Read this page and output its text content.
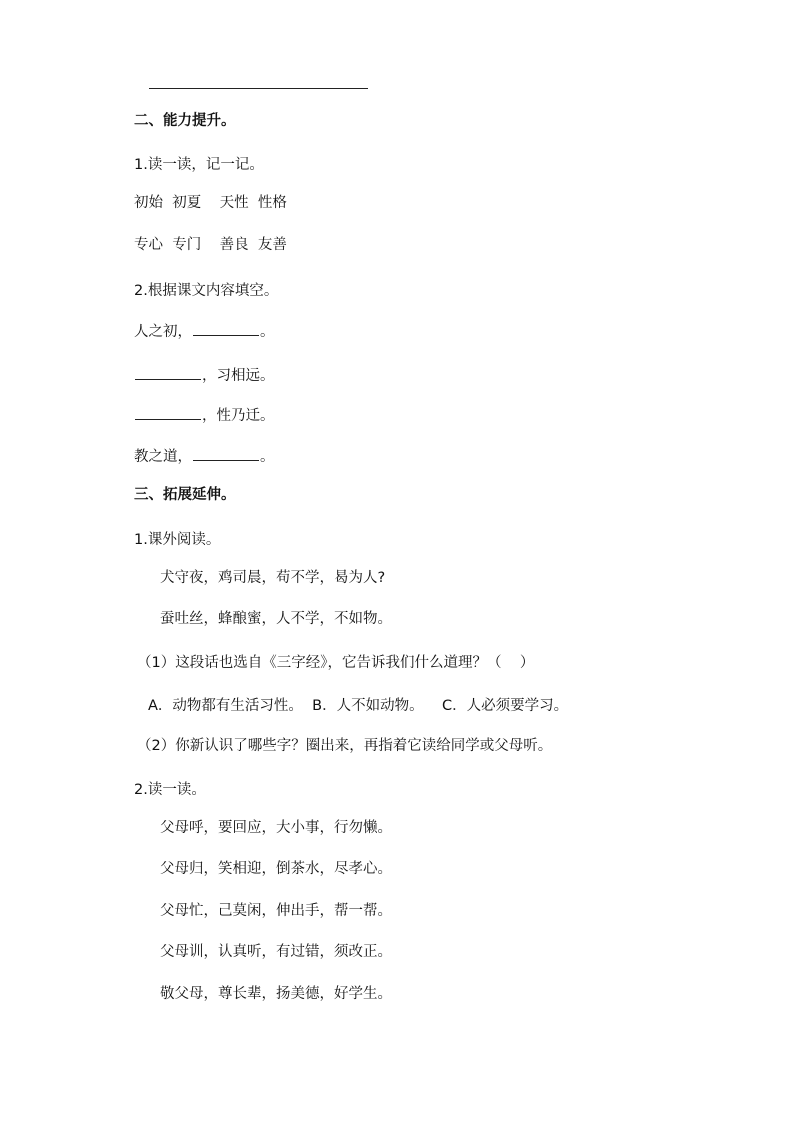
二、能力提升。
1.读一读，记一记。
初始  初夏    天性  性格
专心  专门    善良  友善
2.根据课文内容填空。
人之初，	。
，习相远。
，性乃迁。
教之道，	。
三、拓展延伸。
1.课外阅读。
犬守夜，鸡司晨，苟不学，曷为人?
蚕吐丝，蜂酿蜜，人不学，不如物。
（1）这段话也选自《三字经》，它告诉我们什么道理？（    ）
A．动物都有生活习性。  B．人不如动物。    C．人必须要学习。
（2）你新认识了哪些字？圈出来，再指着它读给同学或父母听。
2.读一读。
父母呼，要回应，大小事，行勿懒。
父母归，笑相迎，倒茶水，尽孝心。
父母忙，己莫闲，伸出手，帮一帮。
父母训，认真听，有过错，须改正。
敬父母，尊长辈，扬美德，好学生。
